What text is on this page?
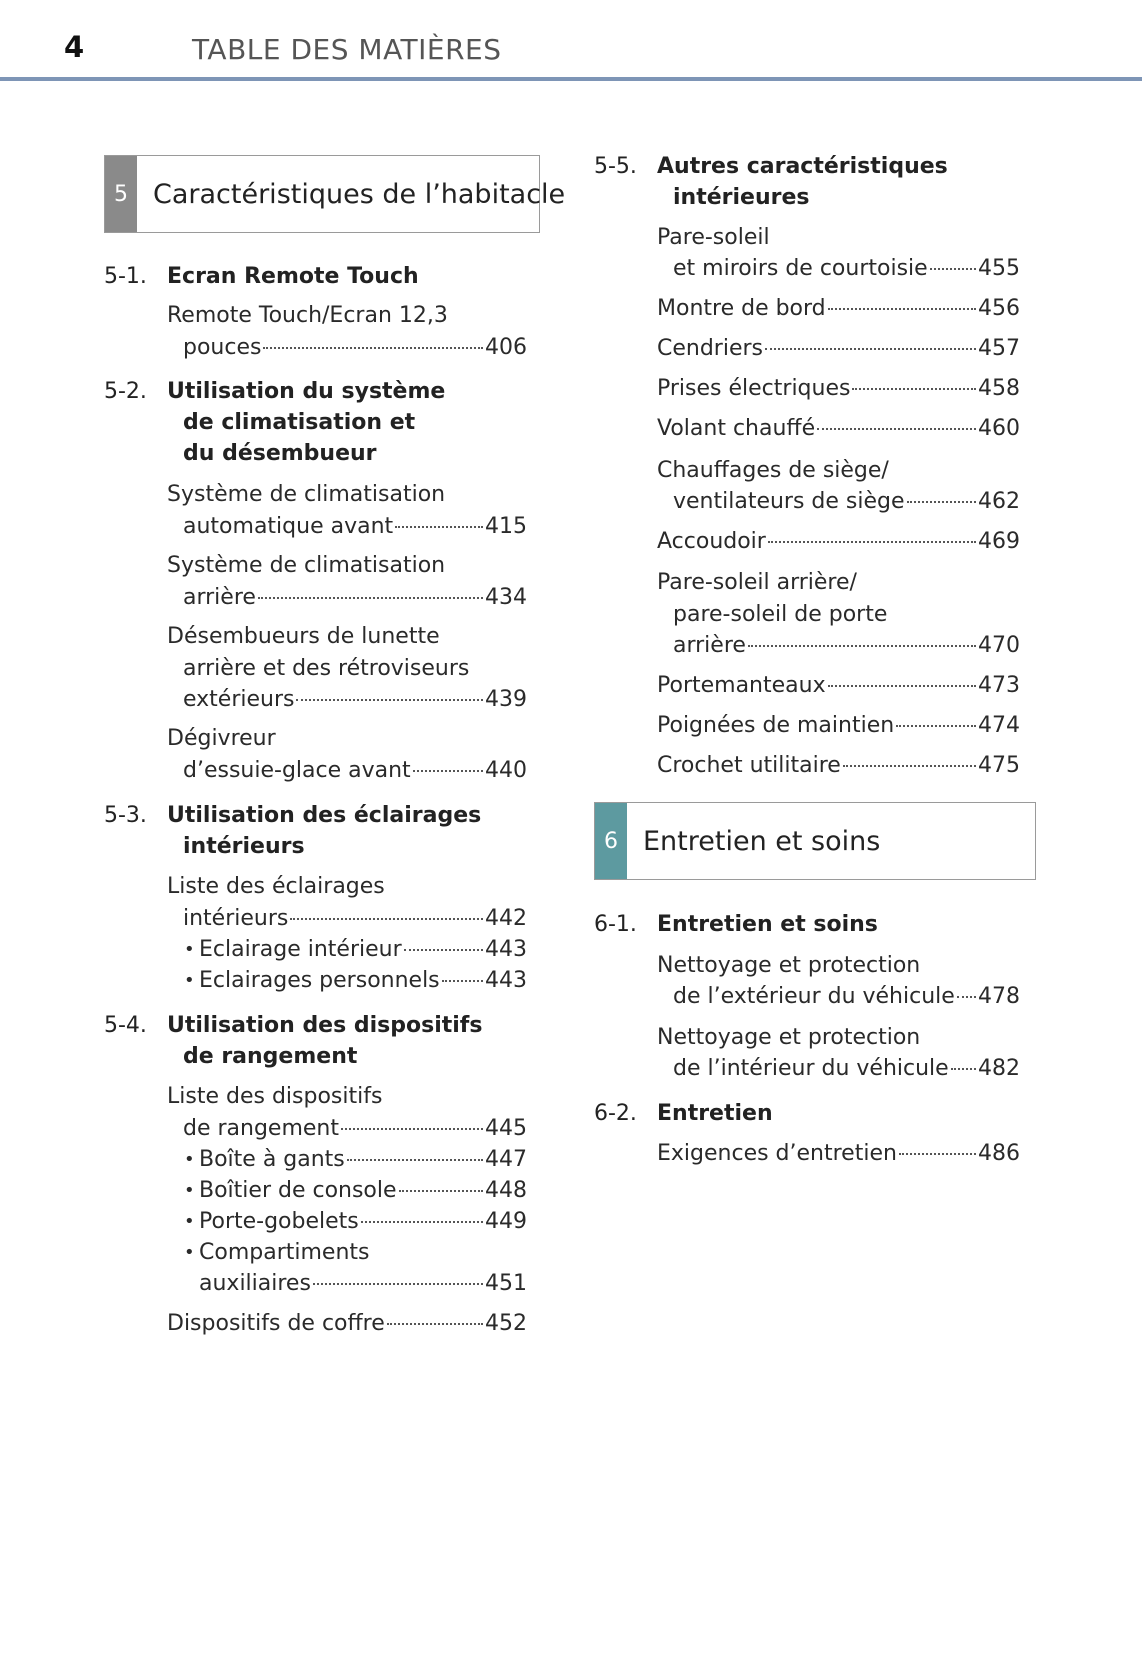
4	TABLE DES MATIÈRES
5 Caractéristiques de l’habitacle
5-1. Ecran Remote Touch
Remote Touch/Ecran 12,3
pouces	406
5-2. Utilisation du système
de climatisation et
du désembueur
Système de climatisation
automatique avant	415
Système de climatisation
arrière	434
Désembueurs de lunette
arrière et des rétroviseurs
extérieurs	439
Dégivreur
d’essuie-glace avant	440
5-3. Utilisation des éclairages
intérieurs
Liste des éclairages
intérieurs	442
• Eclairage intérieur	443
• Eclairages personnels 443
5-4. Utilisation des dispositifs
de rangement
Liste des dispositifs
de rangement	445
• Boîte à gants	447
• Boîtier de console	448
• Porte-gobelets	449
• Compartiments
auxiliaires	451
Dispositifs de coffre	452
5-5. Autres caractéristiques
intérieures
Pare-soleil
et miroirs de courtoisie 455
Montre de bord	456
Cendriers	457
Prises électriques	458
Volant chauffé	460
Chauffages de siège/
ventilateurs de siège	462
Accoudoir	469
Pare-soleil arrière/
pare-soleil de porte
arrière	470
Portemanteaux	473
Poignées de maintien	474
Crochet utilitaire	475
6 Entretien et soins
6-1. Entretien et soins
Nettoyage et protection
de l’extérieur du véhicule 478
Nettoyage et protection
de l’intérieur du véhicule 482
6-2. Entretien
Exigences d’entretien	486
